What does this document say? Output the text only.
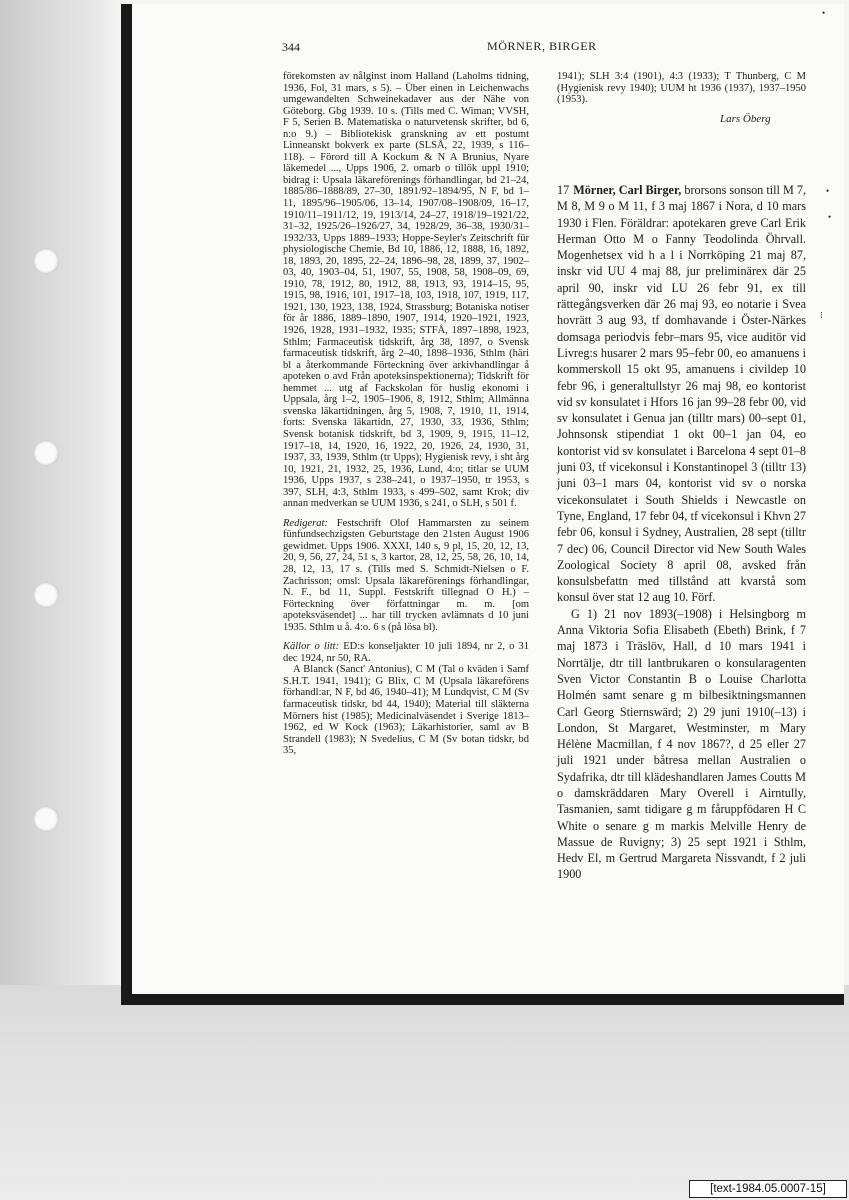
344	MÖRNER, BIRGER

förekomsten av nålginst inom Halland (Laholms tidning, 1936, Fol, 31 mars, s 5). – Über einen in Leichenwachs umgewandelten Schweinekadaver aus der Nähe von Göteborg. Gbg 1939. 10 s. (Tills med C. Wiman; VVSH, F 5, Serien B. Matematiska o naturvetensk skrifter, bd 6, n:o 9.) – Bibliotekisk granskning av ett postumt Linneanskt bokverk ex parte (SLSÅ, 22, 1939, s 116–118). – Förord till A Kockum & N A Brunius, Nyare läkemedel ..., Upps 1906, 2. omarb o tillök uppl 1910; bidrag i: Upsala läkareförenings förhandlingar, bd 21–24, 1885/86–1888/89, 27–30, 1891/92–1894/95, N F, bd 1–11, 1895/96–1905/06, 13–14, 1907/08–1908/09, 16–17, 1910/11–1911/12, 19, 1913/14, 24–27, 1918/19–1921/22, 31–32, 1925/26–1926/27, 34, 1928/29, 36–38, 1930/31–1932/33, Upps 1889–1933; Hoppe-Seyler's Zeitschrift für physiologische Chemie, Bd 10, 1886, 12, 1888, 16, 1892, 18, 1893, 20, 1895, 22–24, 1896–98, 28, 1899, 37, 1902–03, 40, 1903–04, 51, 1907, 55, 1908, 58, 1908–09, 69, 1910, 78, 1912, 80, 1912, 88, 1913, 93, 1914–15, 95, 1915, 98, 1916, 101, 1917–18, 103, 1918, 107, 1919, 117, 1921, 130, 1923, 138, 1924, Strassburg; Botaniska notiser för år 1886, 1889–1890, 1907, 1914, 1920–1921, 1923, 1926, 1928, 1931–1932, 1935; STFÅ, 1897–1898, 1923, Sthlm; Farmaceutisk tidskrift, årg 38, 1897, o Svensk farmaceutisk tidskrift, årg 2–40, 1898–1936, Sthlm (häri bl a återkommande Förteckning över arkivhandlingar å apoteken o avd Från apoteksinspektionerna); Tidskrift för hemmet ... utg af Fackskolan för huslig ekonomi i Uppsala, årg 1–2, 1905–1906, 8, 1912, Sthlm; Allmänna svenska läkartidningen, årg 5, 1908, 7, 1910, 11, 1914, forts: Svenska läkartidn, 27, 1930, 33, 1936, Sthlm; Svensk botanisk tidskrift, bd 3, 1909, 9, 1915, 11–12, 1917–18, 14, 1920, 16, 1922, 20, 1926, 24, 1930, 31, 1937, 33, 1939, Sthlm (tr Upps); Hygienisk revy, i sht årg 10, 1921, 21, 1932, 25, 1936, Lund, 4:o; titlar se UUM 1936, Upps 1937, s 238–241, o 1937–1950, tr 1953, s 397, SLH, 4:3, Sthlm 1933, s 499–502, samt Krok; div annan medverkan se UUM 1936, s 241, o SLH, s 501 f.

Redigerat: Festschrift Olof Hammarsten zu seinem fünfundsechzigsten Geburtstage den 21sten August 1906 gewidmet. Upps 1906. XXXI, 140 s, 9 pl, 15, 20, 12, 13, 20, 9, 56, 27, 24, 51 s, 3 kartor, 28, 12, 25, 58, 26, 10, 14, 28, 12, 13, 17 s. (Tills med S. Schmidt-Nielsen o F. Zachrisson; omsl: Upsala läkareförenings förhandlingar, N. F., bd 11, Suppl. Festskrift tillegnad O H.) – Förteckning över författningar m. m. [om apoteksväsendet] ... har till trycken avlämnats d 10 juni 1935. Sthlm u å. 4:o. 6 s (på lösa bl).

Källor o litt: ED:s konseljakter 10 juli 1894, nr 2, o 31 dec 1924, nr 50, RA.

A Blanck (Sanct' Antonius), C M (Tal o kväden i Samf S.H.T. 1941, 1941); G Blix, C M (Upsala läkareförens förhandl:ar, N F, bd 46, 1940–41); M Lundqvist, C M (Sv farmaceutisk tidskr, bd 44, 1940); Material till släkterna Mörners hist (1985); Medicinalväsendet i Sverige 1813–1962, ed W Kock (1963); Läkarhistorier, saml av B Strandell (1983); N Svedelius, C M (Sv botan tidskr, bd 35,

1941); SLH 3:4 (1901), 4:3 (1933); T Thunberg, C M (Hygienisk revy 1940); UUM ht 1936 (1937), 1937–1950 (1953).

Lars Öberg

17 Mörner, Carl Birger, brorsons sonson till M 7, M 8, M 9 o M 11, f 3 maj 1867 i Nora, d 10 mars 1930 i Flen. Föräldrar: apotekaren greve Carl Erik Herman Otto M o Fanny Teodolinda Öhrvall. Mogenhetsex vid h a l i Norrköping 21 maj 87, inskr vid UU 4 maj 88, jur preliminärex där 25 april 90, inskr vid LU 26 febr 91, ex till rättegångsverken där 26 maj 93, eo notarie i Svea hovrätt 3 aug 93, tf domhavande i Öster-Närkes domsaga periodvis febr–mars 95, vice auditör vid Livreg:s husarer 2 mars 95–febr 00, eo amanuens i kommerskoll 15 okt 95, amanuens i civildep 10 febr 96, i generaltullstyr 26 maj 98, eo kontorist vid sv konsulatet i Hfors 16 jan 99–28 febr 00, vid sv konsulatet i Genua jan (tilltr mars) 00–sept 01, Johnsonsk stipendiat 1 okt 00–1 jan 04, eo kontorist vid sv konsulatet i Barcelona 4 sept 01–8 juni 03, tf vicekonsul i Konstantinopel 3 (tilltr 13) juni 03–1 mars 04, kontorist vid sv o norska vicekonsulatet i South Shields i Newcastle on Tyne, England, 17 febr 04, tf vicekonsul i Khvn 27 febr 06, konsul i Sydney, Australien, 28 sept (tilltr 7 dec) 06, Council Director vid New South Wales Zoological Society 8 april 08, avsked från konsulsbefattn med tillstånd att kvarstå som konsul över stat 12 aug 10. Förf.

G 1) 21 nov 1893(–1908) i Helsingborg m Anna Viktoria Sofia Elisabeth (Ebeth) Brink, f 7 maj 1873 i Träslöv, Hall, d 10 mars 1941 i Norrtälje, dtr till lantbrukaren o konsularagenten Sven Victor Constantin B o Louise Charlotta Holmén samt senare g m bilbesiktningsmannen Carl Georg Stiernswärd; 2) 29 juni 1910(–13) i London, St Margaret, Westminster, m Mary Hélène Macmillan, f 4 nov 1867?, d 25 eller 27 juli 1921 under båtresa mellan Australien o Sydafrika, dtr till klädeshandlaren James Coutts M o damskräddaren Mary Overell i Airntully, Tasmanien, samt tidigare g m fåruppfödaren H C White o senare g m markis Melville Henry de Massue de Ruvigny; 3) 25 sept 1921 i Sthlm, Hedv El, m Gertrud Margareta Nissvandt, f 2 juli 1900

•
•
⁝
•
[text-1984.05.0007-15]
